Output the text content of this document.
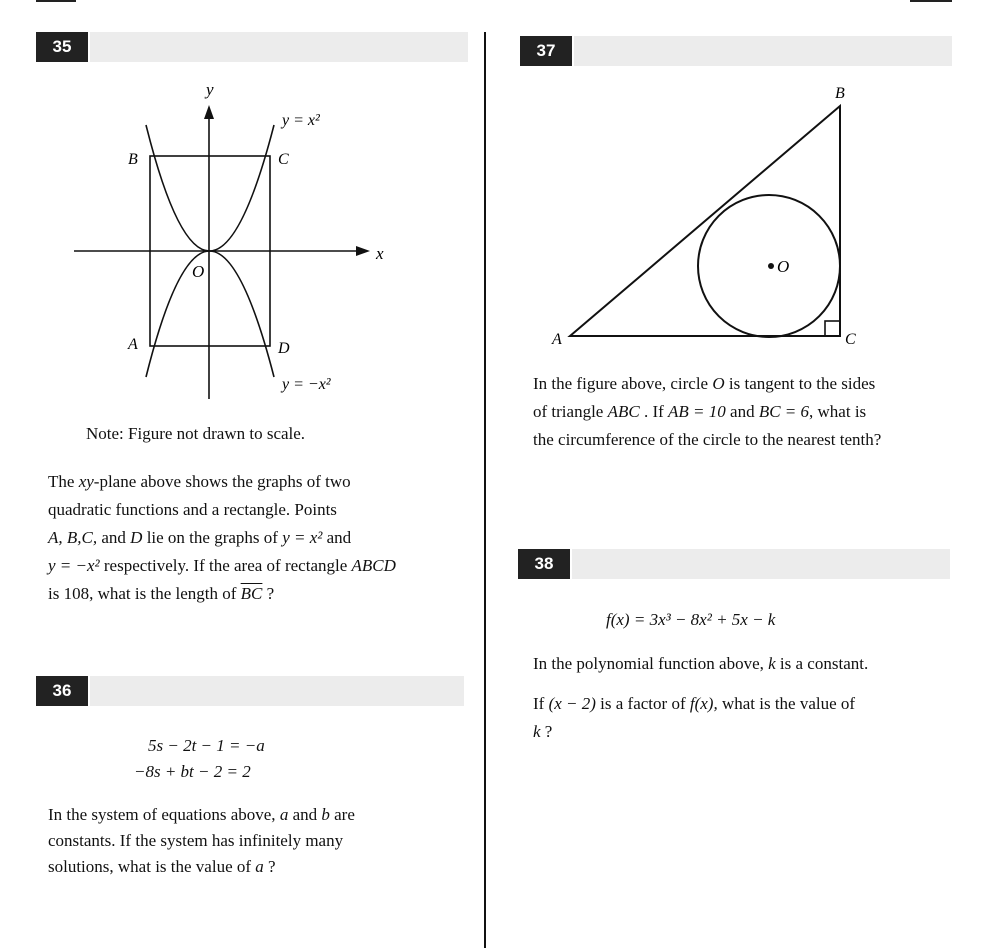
35
y
x
O
B	C
A	D
y = x²
y = −x²
Note: Figure not drawn to scale.
The xy-plane above shows the graphs of two
quadratic functions and a rectangle. Points
A, B,C, and D lie on the graphs of y = x² and
y = −x² respectively. If the area of rectangle ABCD
is 108, what is the length of $\overline{BC}$ ?
36
5s − 2t − 1 = −a
−8s + bt − 2 = 2
In the system of equations above, a and b are
constants. If the system has infinitely many
solutions, what is the value of a ?
37
A
B
C
O
In the figure above, circle O is tangent to the sides
of triangle ABC . If AB = 10 and BC = 6, what is
the circumference of the circle to the nearest tenth?
38
f(x) = 3x³ − 8x² + 5x − k
In the polynomial function above, k is a constant.
If (x − 2) is a factor of f(x), what is the value of
k ?
